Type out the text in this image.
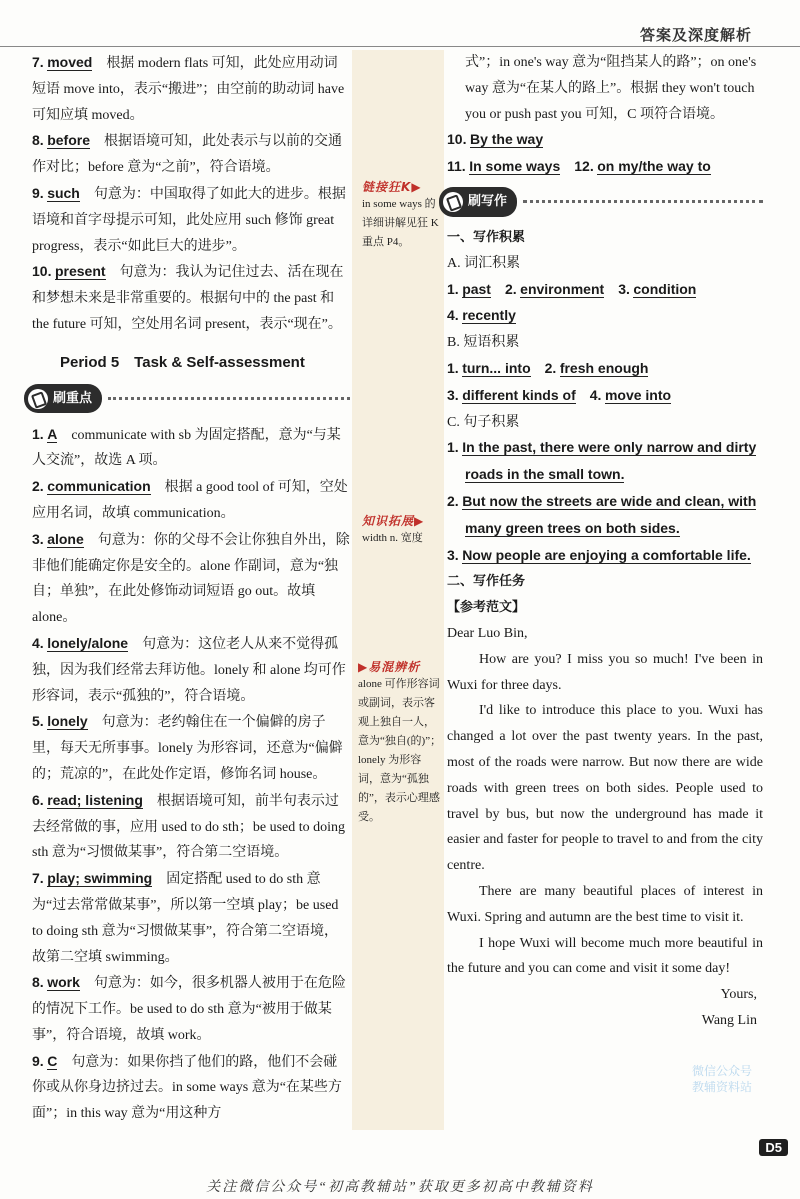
答案及深度解析
7. moved　 根据 modern flats 可知，此处应用动词短语 move into，表示“搬进”；由空前的助动词 have 可知应填 moved。
8. before　 根据语境可知，此处表示与以前的交通作对比；before 意为“之前”，符合语境。
9. such　 句意为：中国取得了如此大的进步。根据语境和首字母提示可知，此处应用 such 修饰 great progress，表示“如此巨大的进步”。
10. present　 句意为：我认为记住过去、活在现在和梦想未来是非常重要的。根据句中的 the past 和 the future 可知，空处用名词 present，表示“现在”。
Period 5　Task & Self-assessment
刷重点
1. A　 communicate with sb 为固定搭配，意为“与某人交流”，故选 A 项。
2. communication　 根据 a good tool of 可知，空处应用名词，故填 communication。
3. alone　 句意为：你的父母不会让你独自外出，除非他们能确定你是安全的。alone 作副词，意为“独自；单独”，在此处修饰动词短语 go out。故填 alone。
4. lonely/alone　 句意为：这位老人从来不觉得孤独，因为我们经常去拜访他。lonely 和 alone 均可作形容词，表示“孤独的”，符合语境。
5. lonely　 句意为：老约翰住在一个偏僻的房子里，每天无所事事。lonely 为形容词，还意为“偏僻的；荒凉的”，在此处作定语，修饰名词 house。
6. read; listening　 根据语境可知，前半句表示过去经常做的事，应用 used to do sth；be used to doing sth 意为“习惯做某事”，符合第二空语境。
7. play; swimming　 固定搭配 used to do sth 意为“过去常常做某事”，所以第一空填 play；be used to doing sth 意为“习惯做某事”，符合第二空语境，故第二空填 swimming。
8. work　 句意为：如今，很多机器人被用于在危险的情况下工作。be used to do sth 意为“被用于做某事”，符合语境，故填 work。
9. C　 句意为：如果你挡了他们的路，他们不会碰你或从你身边挤过去。in some ways 意为“在某些方面”；in this way 意为“用这种方
链接狂K▶
in some ways 的详细讲解见狂 K 重点 P4。
知识拓展▶
width n. 宽度
▶易混辨析
alone 可作形容词或副词，表示客观上独自一人，意为“独自(的)”；lonely 为形容词，意为“孤独的”，表示心理感受。
式”；in one's way 意为“阻挡某人的路”；on one's way 意为“在某人的路上”。根据 they won't touch you or push past you 可知，C 项符合语境。
10. By the way
11. In some ways　 12. on my/the way to
刷写作
一、写作积累
A. 词汇积累
1. past　 2. environment　 3. condition　
4. recently　
B. 短语积累
1. turn... into　 2. fresh enough　
3. different kinds of　 4. move into　
C. 句子积累
1. In the past, there were only narrow and dirty roads in the small town.
2. But now the streets are wide and clean, with many green trees on both sides.
3. Now people are enjoying a comfortable life.
二、写作任务
【参考范文】
Dear Luo Bin,

How are you? I miss you so much! I've been in Wuxi for three days.

I'd like to introduce this place to you. Wuxi has changed a lot over the past twenty years. In the past, most of the roads were narrow. But now there are wide roads with green trees on both sides. People used to travel by bus, but now the underground has made it easier and faster for people to travel to and from the city centre.

There are many beautiful places of interest in Wuxi. Spring and autumn are the best time to visit it.

I hope Wuxi will become much more beautiful in the future and you can come and visit it some day!

Yours,
Wang Lin
微信公众号
教辅资料站
D5
关注微信公众号“初高教辅站”获取更多初高中教辅资料
